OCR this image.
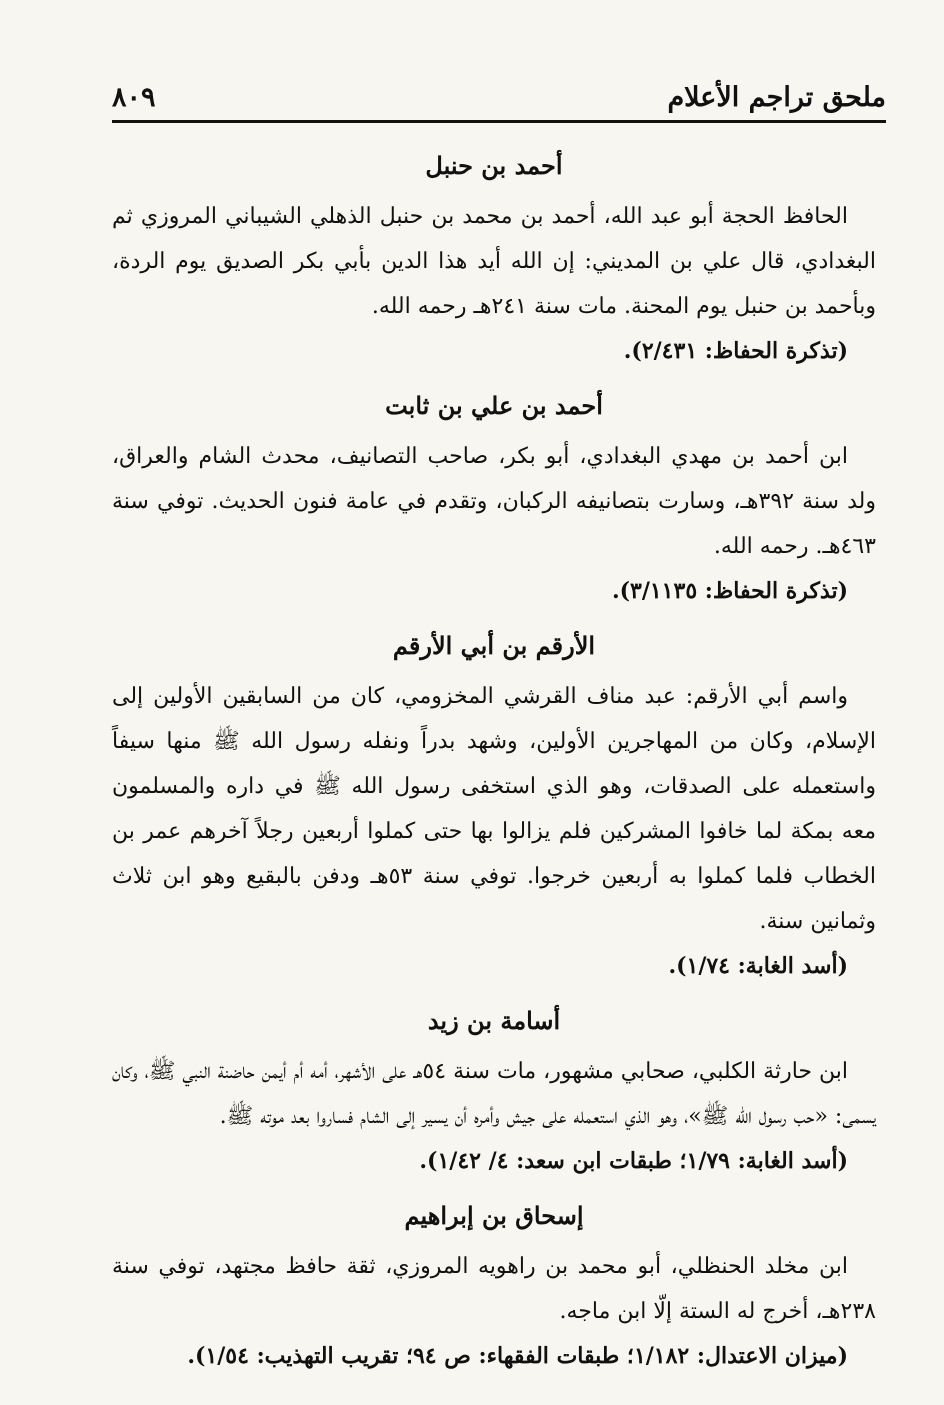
ملحق تراجم الأعلام
٨٠٩
أحمد بن حنبل

الحافظ الحجة أبو عبد الله، أحمد بن محمد بن حنبل الذهلي الشيباني المروزي ثم البغدادي، قال علي بن المديني: إن الله أيد هذا الدين بأبي بكر الصديق يوم الردة، وبأحمد بن حنبل يوم المحنة. مات سنة ٢٤١هـ رحمه الله.

(تذكرة الحفاظ: ٢/٤٣١).

أحمد بن علي بن ثابت

ابن أحمد بن مهدي البغدادي، أبو بكر، صاحب التصانيف، محدث الشام والعراق، ولد سنة ٣٩٢هـ، وسارت بتصانيفه الركبان، وتقدم في عامة فنون الحديث. توفي سنة ٤٦٣هـ. رحمه الله.

(تذكرة الحفاظ: ٣/١١٣٥).

الأرقم بن أبي الأرقم

واسم أبي الأرقم: عبد مناف القرشي المخزومي، كان من السابقين الأولين إلى الإسلام، وكان من المهاجرين الأولين، وشهد بدراً ونفله رسول الله ﷺ منها سيفاً واستعمله على الصدقات، وهو الذي استخفى رسول الله ﷺ في داره والمسلمون معه بمكة لما خافوا المشركين فلم يزالوا بها حتى كملوا أربعين رجلاً آخرهم عمر بن الخطاب فلما كملوا به أربعين خرجوا. توفي سنة ٥٣هـ ودفن بالبقيع وهو ابن ثلاث وثمانين سنة.

(أسد الغابة: ١/٧٤).

أسامة بن زيد

ابن حارثة الكلبي، صحابي مشهور، مات سنة ٥٤هـ على الأشهر، أمه أم أيمن حاضنة النبي ﷺ، وكان يسمى: «حب رسول الله ﷺ»، وهو الذي استعمله على جيش وأمره أن يسير إلى الشام فساروا بعد موته ﷺ.

(أسد الغابة: ١/٧٩؛ طبقات ابن سعد: ٤/ ١/٤٢).

إسحاق بن إبراهيم

ابن مخلد الحنظلي، أبو محمد بن راهويه المروزي، ثقة حافظ مجتهد، توفي سنة ٢٣٨هـ، أخرج له الستة إلّا ابن ماجه.

(ميزان الاعتدال: ١/١٨٢؛ طبقات الفقهاء: ص ٩٤؛ تقريب التهذيب: ١/٥٤).
